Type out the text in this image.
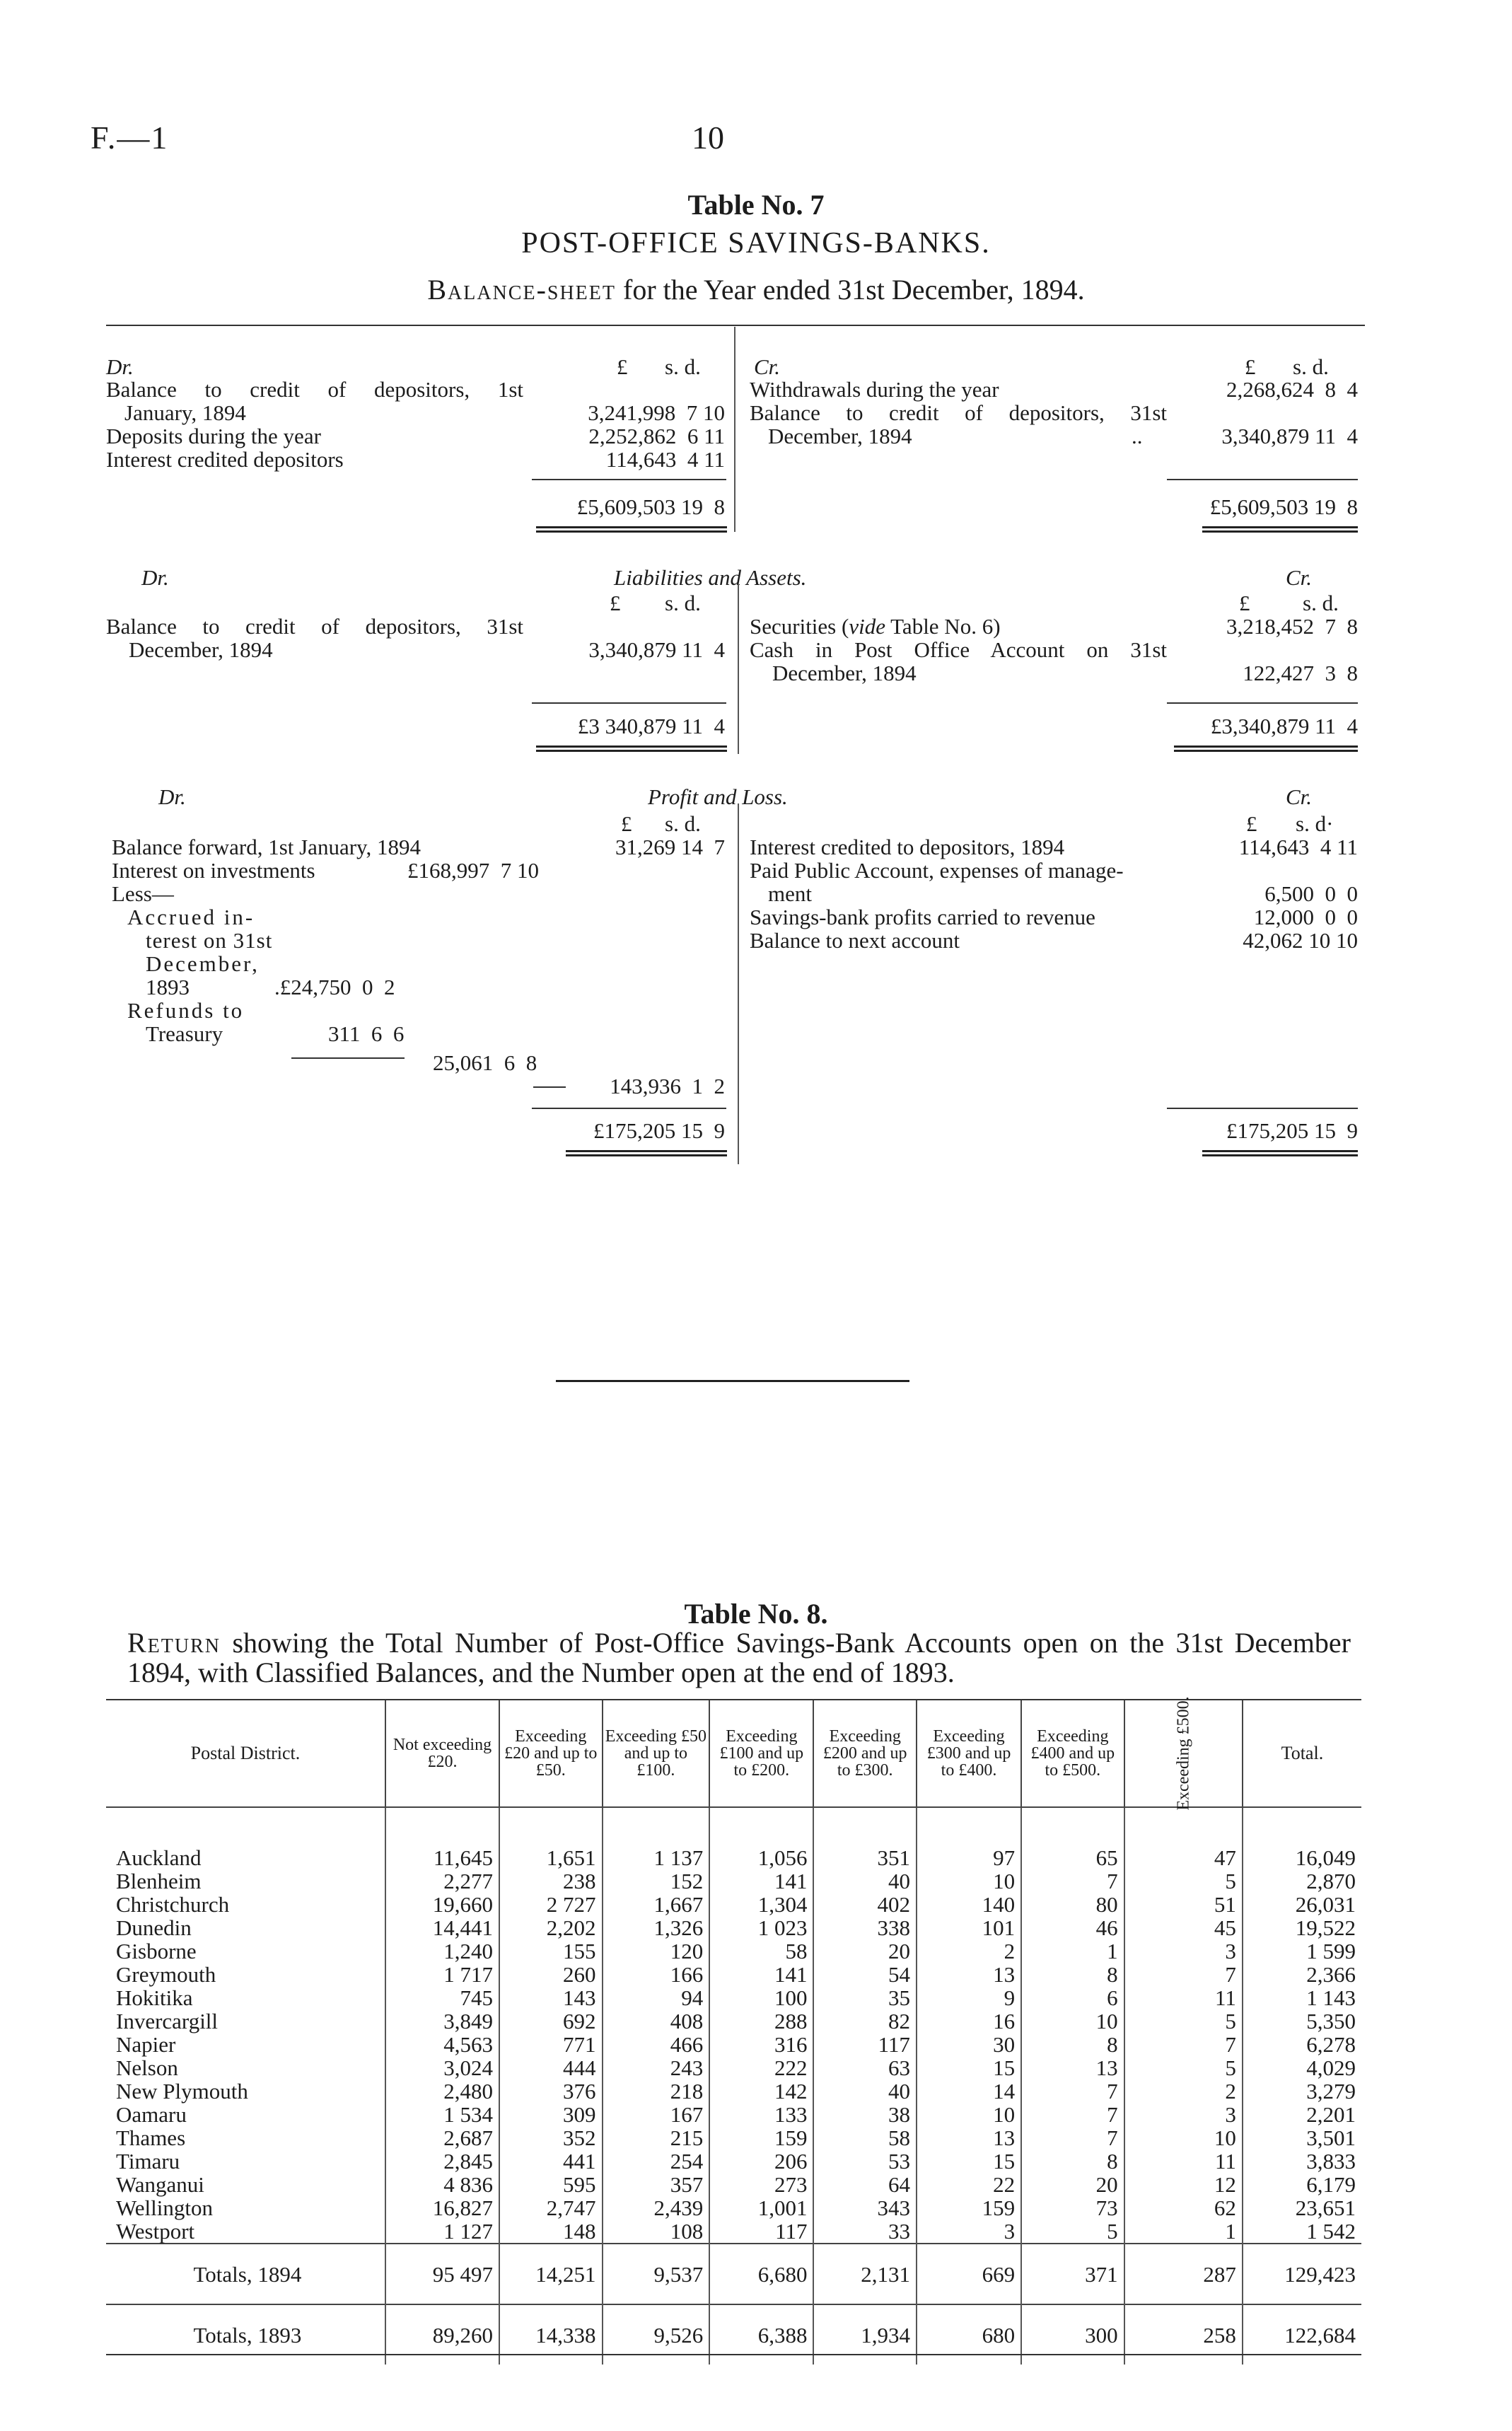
F.—1	10
Table No. 7
POST-OFFICE SAVINGS-BANKS.
Balance-sheet for the Year ended 31st December, 1894.
Dr.	£ s. d. Cr.	£ s. d.
Balance to credit of depositors, 1st
January, 1894	3,241,998  7 10
Deposits during the year	2,252,862  6 11
Interest credited depositors	114,643  4 11
£5,609,503 19  8
Withdrawals during the year	2,268,624  8  4
Balance to credit of depositors, 31st
December, 1894	..	3,340,879 11  4
£5,609,503 19  8
Dr.	Liabilities and Assets.	Cr.
£ s. d.	£ s. d.
Balance to credit of depositors, 31st
December, 1894	3,340,879 11  4
£3 340,879 11  4
Securities (vide Table No. 6)	3,218,452  7  8
Cash in Post Office Account on 31st
December, 1894	122,427  3  8
£3,340,879 11  4
Dr.	Profit and Loss.	Cr.
£ s. d.	£ s. d·
Balance forward, 1st January, 1894	31,269 14  7
Interest on investments	£168,997  7 10
Less—
Accrued in-
terest on 31st
December,
1893	.£24,750  0  2
Refunds to
Treasury	311  6  6
25,061  6  8
143,936  1  2
£175,205 15  9
Interest credited to depositors, 1894	114,643  4 11
Paid Public Account, expenses of manage-
ment	6,500  0  0
Savings-bank profits carried to revenue	12,000  0  0
Balance to next account	42,062 10 10
£175,205 15  9
Table No. 8.
Return showing the Total Number of Post-Office Savings-Bank Accounts open on the 31st December 1894, with Classified Balances, and the Number open at the end of 1893.
Postal District.	Not exceeding £20.	Exceeding £20 and up to £50.	Exceeding £50 and up to £100.	Exceeding £100 and up to £200.	Exceeding £200 and up to £300.	Exceeding £300 and up to £400.	Exceeding £400 and up to £500.	Exceeding £500.	Total.
Auckland	11,645	1,651	1 137	1,056	351	97	65	47	16,049
Blenheim	2,277	238	152	141	40	10	7	5	2,870
Christchurch	19,660	2 727	1,667	1,304	402	140	80	51	26,031
Dunedin	14,441	2,202	1,326	1 023	338	101	46	45	19,522
Gisborne	1,240	155	120	58	20	2	1	3	1 599
Greymouth	1 717	260	166	141	54	13	8	7	2,366
Hokitika	745	143	94	100	35	9	6	11	1 143
Invercargill	3,849	692	408	288	82	16	10	5	5,350
Napier	4,563	771	466	316	117	30	8	7	6,278
Nelson	3,024	444	243	222	63	15	13	5	4,029
New Plymouth	2,480	376	218	142	40	14	7	2	3,279
Oamaru	1 534	309	167	133	38	10	7	3	2,201
Thames	2,687	352	215	159	58	13	7	10	3,501
Timaru	2,845	441	254	206	53	15	8	11	3,833
Wanganui	4 836	595	357	273	64	22	20	12	6,179
Wellington	16,827	2,747	2,439	1,001	343	159	73	62	23,651
Westport	1 127	148	108	117	33	3	5	1	1 542
Totals, 1894	95 497	14,251	9,537	6,680	2,131	669	371	287	129,423
Totals, 1893	89,260	14,338	9,526	6,388	1,934	680	300	258	122,684
